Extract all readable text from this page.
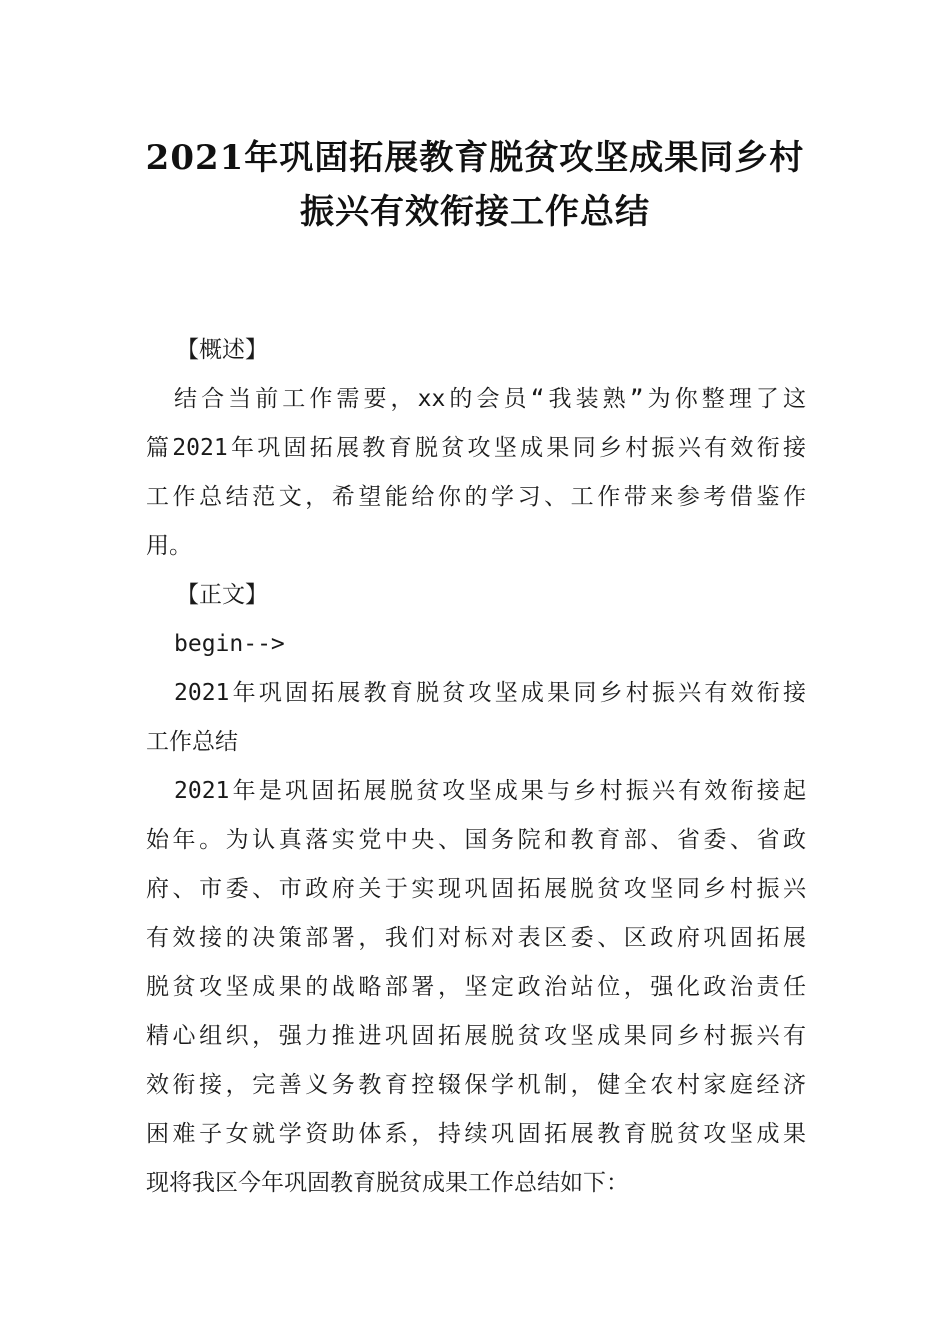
2021年巩固拓展教育脱贫攻坚成果同乡村
振兴有效衔接工作总结
【概述】
结合当前工作需要，xx的会员“我装熟”为你整理了这
篇2021年巩固拓展教育脱贫攻坚成果同乡村振兴有效衔接
工作总结范文，希望能给你的学习、工作带来参考借鉴作
用。
【正文】
begin-->
2021年巩固拓展教育脱贫攻坚成果同乡村振兴有效衔接
工作总结
2021年是巩固拓展脱贫攻坚成果与乡村振兴有效衔接起
始年。为认真落实党中央、国务院和教育部、省委、省政
府、市委、市政府关于实现巩固拓展脱贫攻坚同乡村振兴
有效接的决策部署，我们对标对表区委、区政府巩固拓展
脱贫攻坚成果的战略部署，坚定政治站位，强化政治责任
精心组织，强力推进巩固拓展脱贫攻坚成果同乡村振兴有
效衔接，完善义务教育控辍保学机制，健全农村家庭经济
困难子女就学资助体系，持续巩固拓展教育脱贫攻坚成果
现将我区今年巩固教育脱贫成果工作总结如下：
